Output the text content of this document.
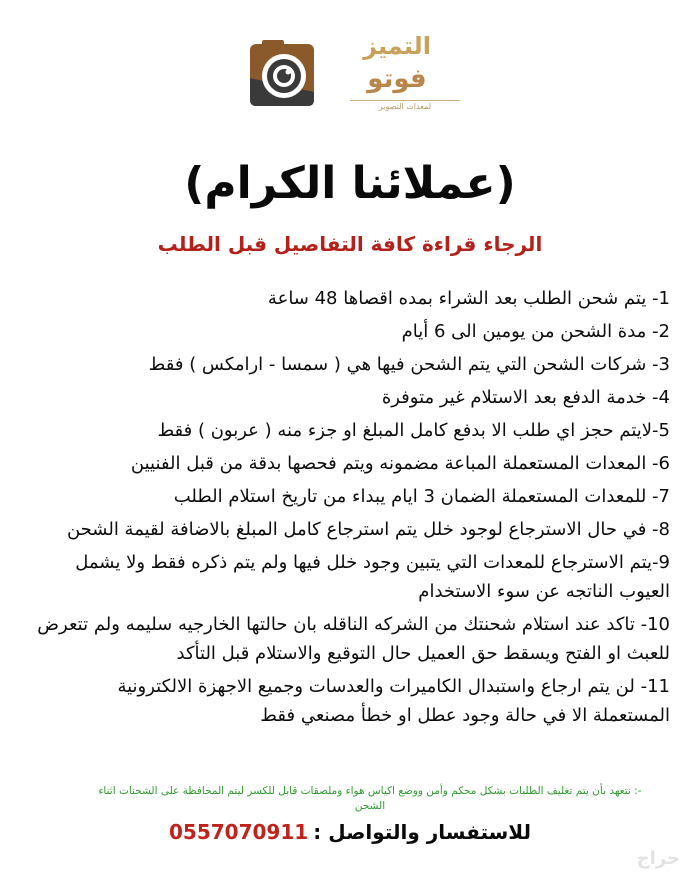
التميز
فوتو
لمعدات التصوير
(عملائنا الكرام)
الرجاء قراءة كافة التفاصيل قبل الطلب

1- يتم شحن الطلب بعد الشراء بمده اقصاها 48 ساعة

2- مدة الشحن من يومين الى 6 أيام

3- شركات الشحن التي يتم الشحن فيها هي ( سمسا - ارامكس ) فقط

4- خدمة الدفع بعد الاستلام غير متوفرة

5-لايتم حجز اي طلب الا بدفع كامل المبلغ او جزء منه ( عربون ) فقط

6- المعدات المستعملة المباعة مضمونه ويتم فحصها بدقة من قبل الفنيين

7- للمعدات المستعملة الضمان 3 ايام يبداء من تاريخ استلام الطلب

8- في حال الاسترجاع لوجود خلل يتم استرجاع كامل المبلغ بالاضافة لقيمة الشحن

9-يتم الاسترجاع للمعدات التي يتبين وجود خلل فيها ولم يتم ذكره فقط ولا يشمل العيوب الناتجه عن سوء الاستخدام

10- تاكد عند استلام شحنتك من الشركه الناقله بان حالتها الخارجيه سليمه ولم تتعرض للعبث او الفتح ويسقط حق العميل حال التوقيع والاستلام قبل التأكد

11- لن يتم ارجاع واستبدال الكاميرات والعدسات وجميع الاجهزة الالكترونية المستعملة الا في حالة وجود عطل او خطأ مصنعي فقط

-: نتعهد بأن يتم تغليف الطلبات بشكل محكم وأمن ووضع اكياس هواء وملصقات قابل للكسر ليتم المحافظة على الشحنات اثناء الشحن
للاستفسار والتواصل : 0557070911
حراج
